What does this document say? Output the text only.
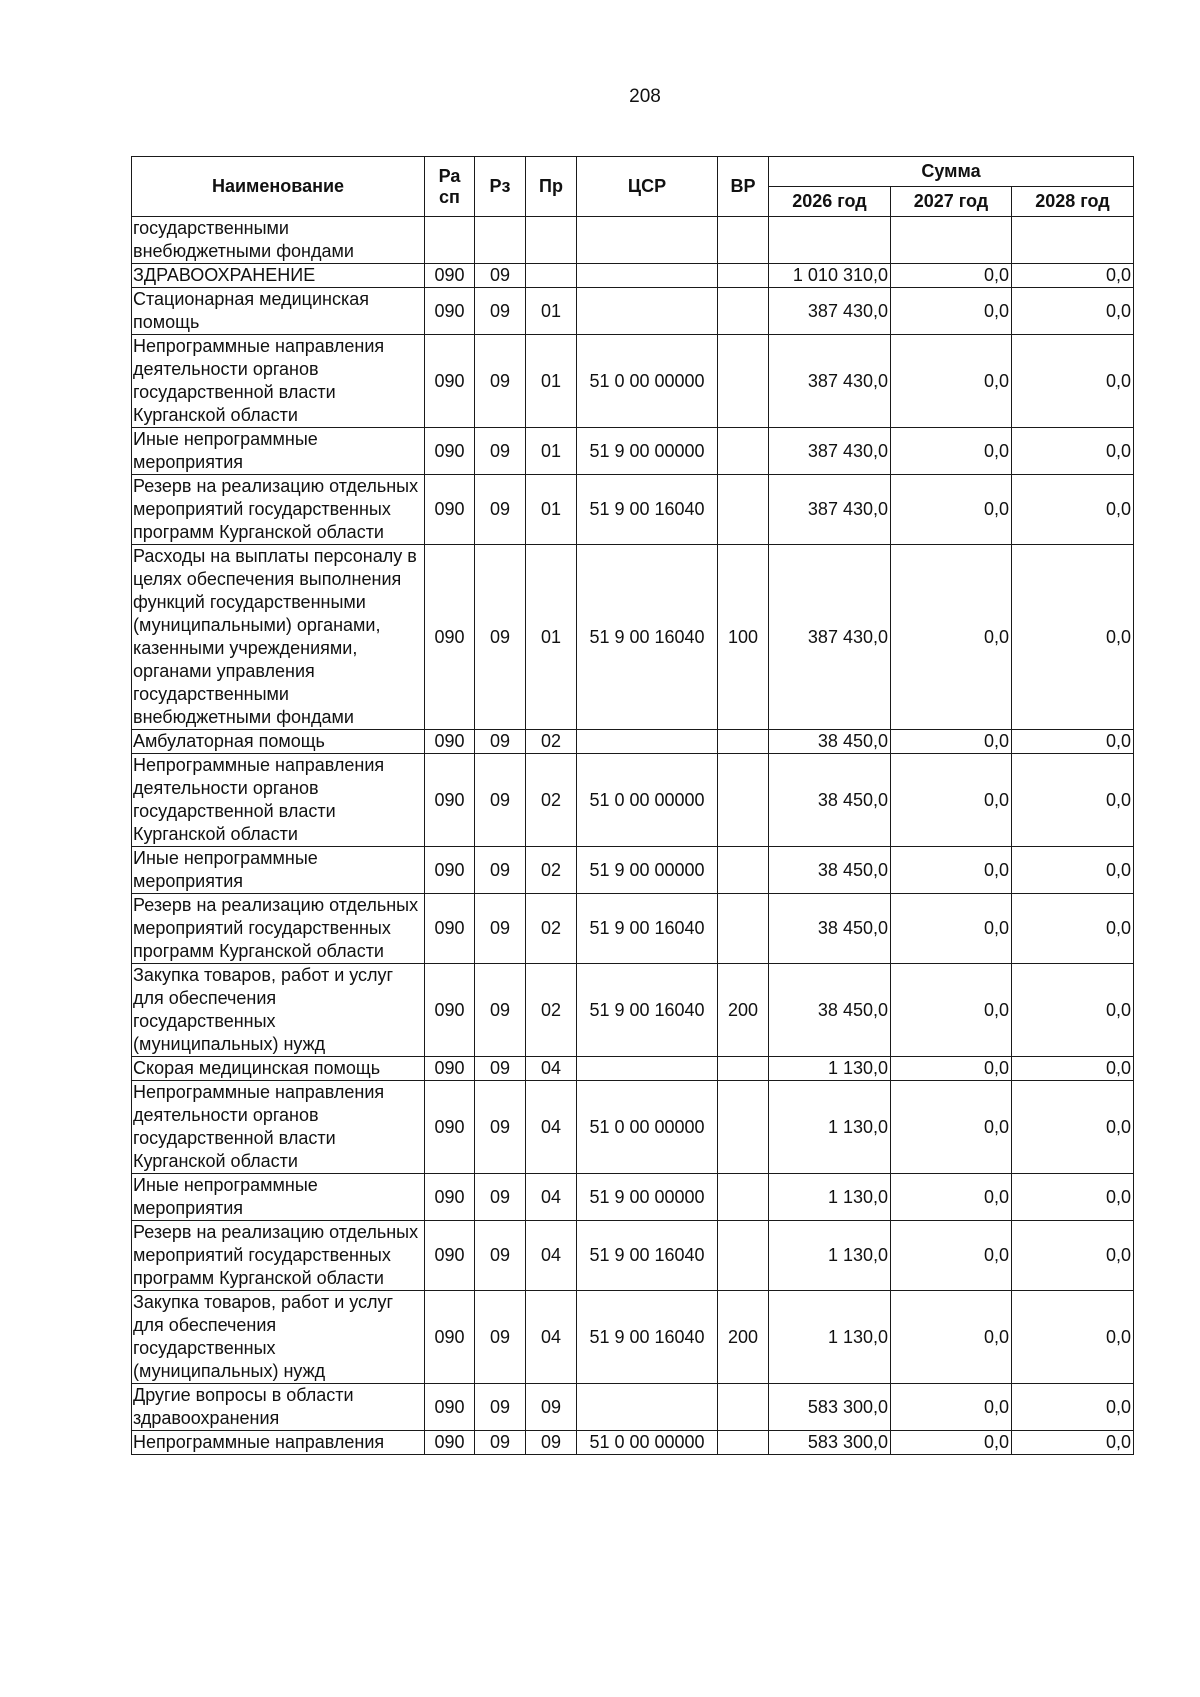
208
Наименование	Ра сп	Рз	Пр	ЦСР	ВР	Сумма		
						2026 год	2027 год	2028 год
государственными внебюджетными фондами								
ЗДРАВООХРАНЕНИЕ	090	09				1 010 310,0	0,0	0,0
Стационарная медицинская помощь	090	09	01			387 430,0	0,0	0,0
Непрограммные направления деятельности органов государственной власти Курганской области	090	09	01	51 0 00 00000		387 430,0	0,0	0,0
Иные непрограммные мероприятия	090	09	01	51 9 00 00000		387 430,0	0,0	0,0
Резерв на реализацию отдельных мероприятий государственных программ Курганской области	090	09	01	51 9 00 16040		387 430,0	0,0	0,0
Расходы на выплаты персоналу в целях обеспечения выполнения функций государственными (муниципальными) органами, казенными учреждениями, органами управления государственными внебюджетными фондами	090	09	01	51 9 00 16040	100	387 430,0	0,0	0,0
Амбулаторная помощь	090	09	02			38 450,0	0,0	0,0
Непрограммные направления деятельности органов государственной власти Курганской области	090	09	02	51 0 00 00000		38 450,0	0,0	0,0
Иные непрограммные мероприятия	090	09	02	51 9 00 00000		38 450,0	0,0	0,0
Резерв на реализацию отдельных мероприятий государственных программ Курганской области	090	09	02	51 9 00 16040		38 450,0	0,0	0,0
Закупка товаров, работ и услуг для обеспечения государственных (муниципальных) нужд	090	09	02	51 9 00 16040	200	38 450,0	0,0	0,0
Скорая медицинская помощь	090	09	04			1 130,0	0,0	0,0
Непрограммные направления деятельности органов государственной власти Курганской области	090	09	04	51 0 00 00000		1 130,0	0,0	0,0
Иные непрограммные мероприятия	090	09	04	51 9 00 00000		1 130,0	0,0	0,0
Резерв на реализацию отдельных мероприятий государственных программ Курганской области	090	09	04	51 9 00 16040		1 130,0	0,0	0,0
Закупка товаров, работ и услуг для обеспечения государственных (муниципальных) нужд	090	09	04	51 9 00 16040	200	1 130,0	0,0	0,0
Другие вопросы в области здравоохранения	090	09	09			583 300,0	0,0	0,0
Непрограммные направления	090	09	09	51 0 00 00000		583 300,0	0,0	0,0
